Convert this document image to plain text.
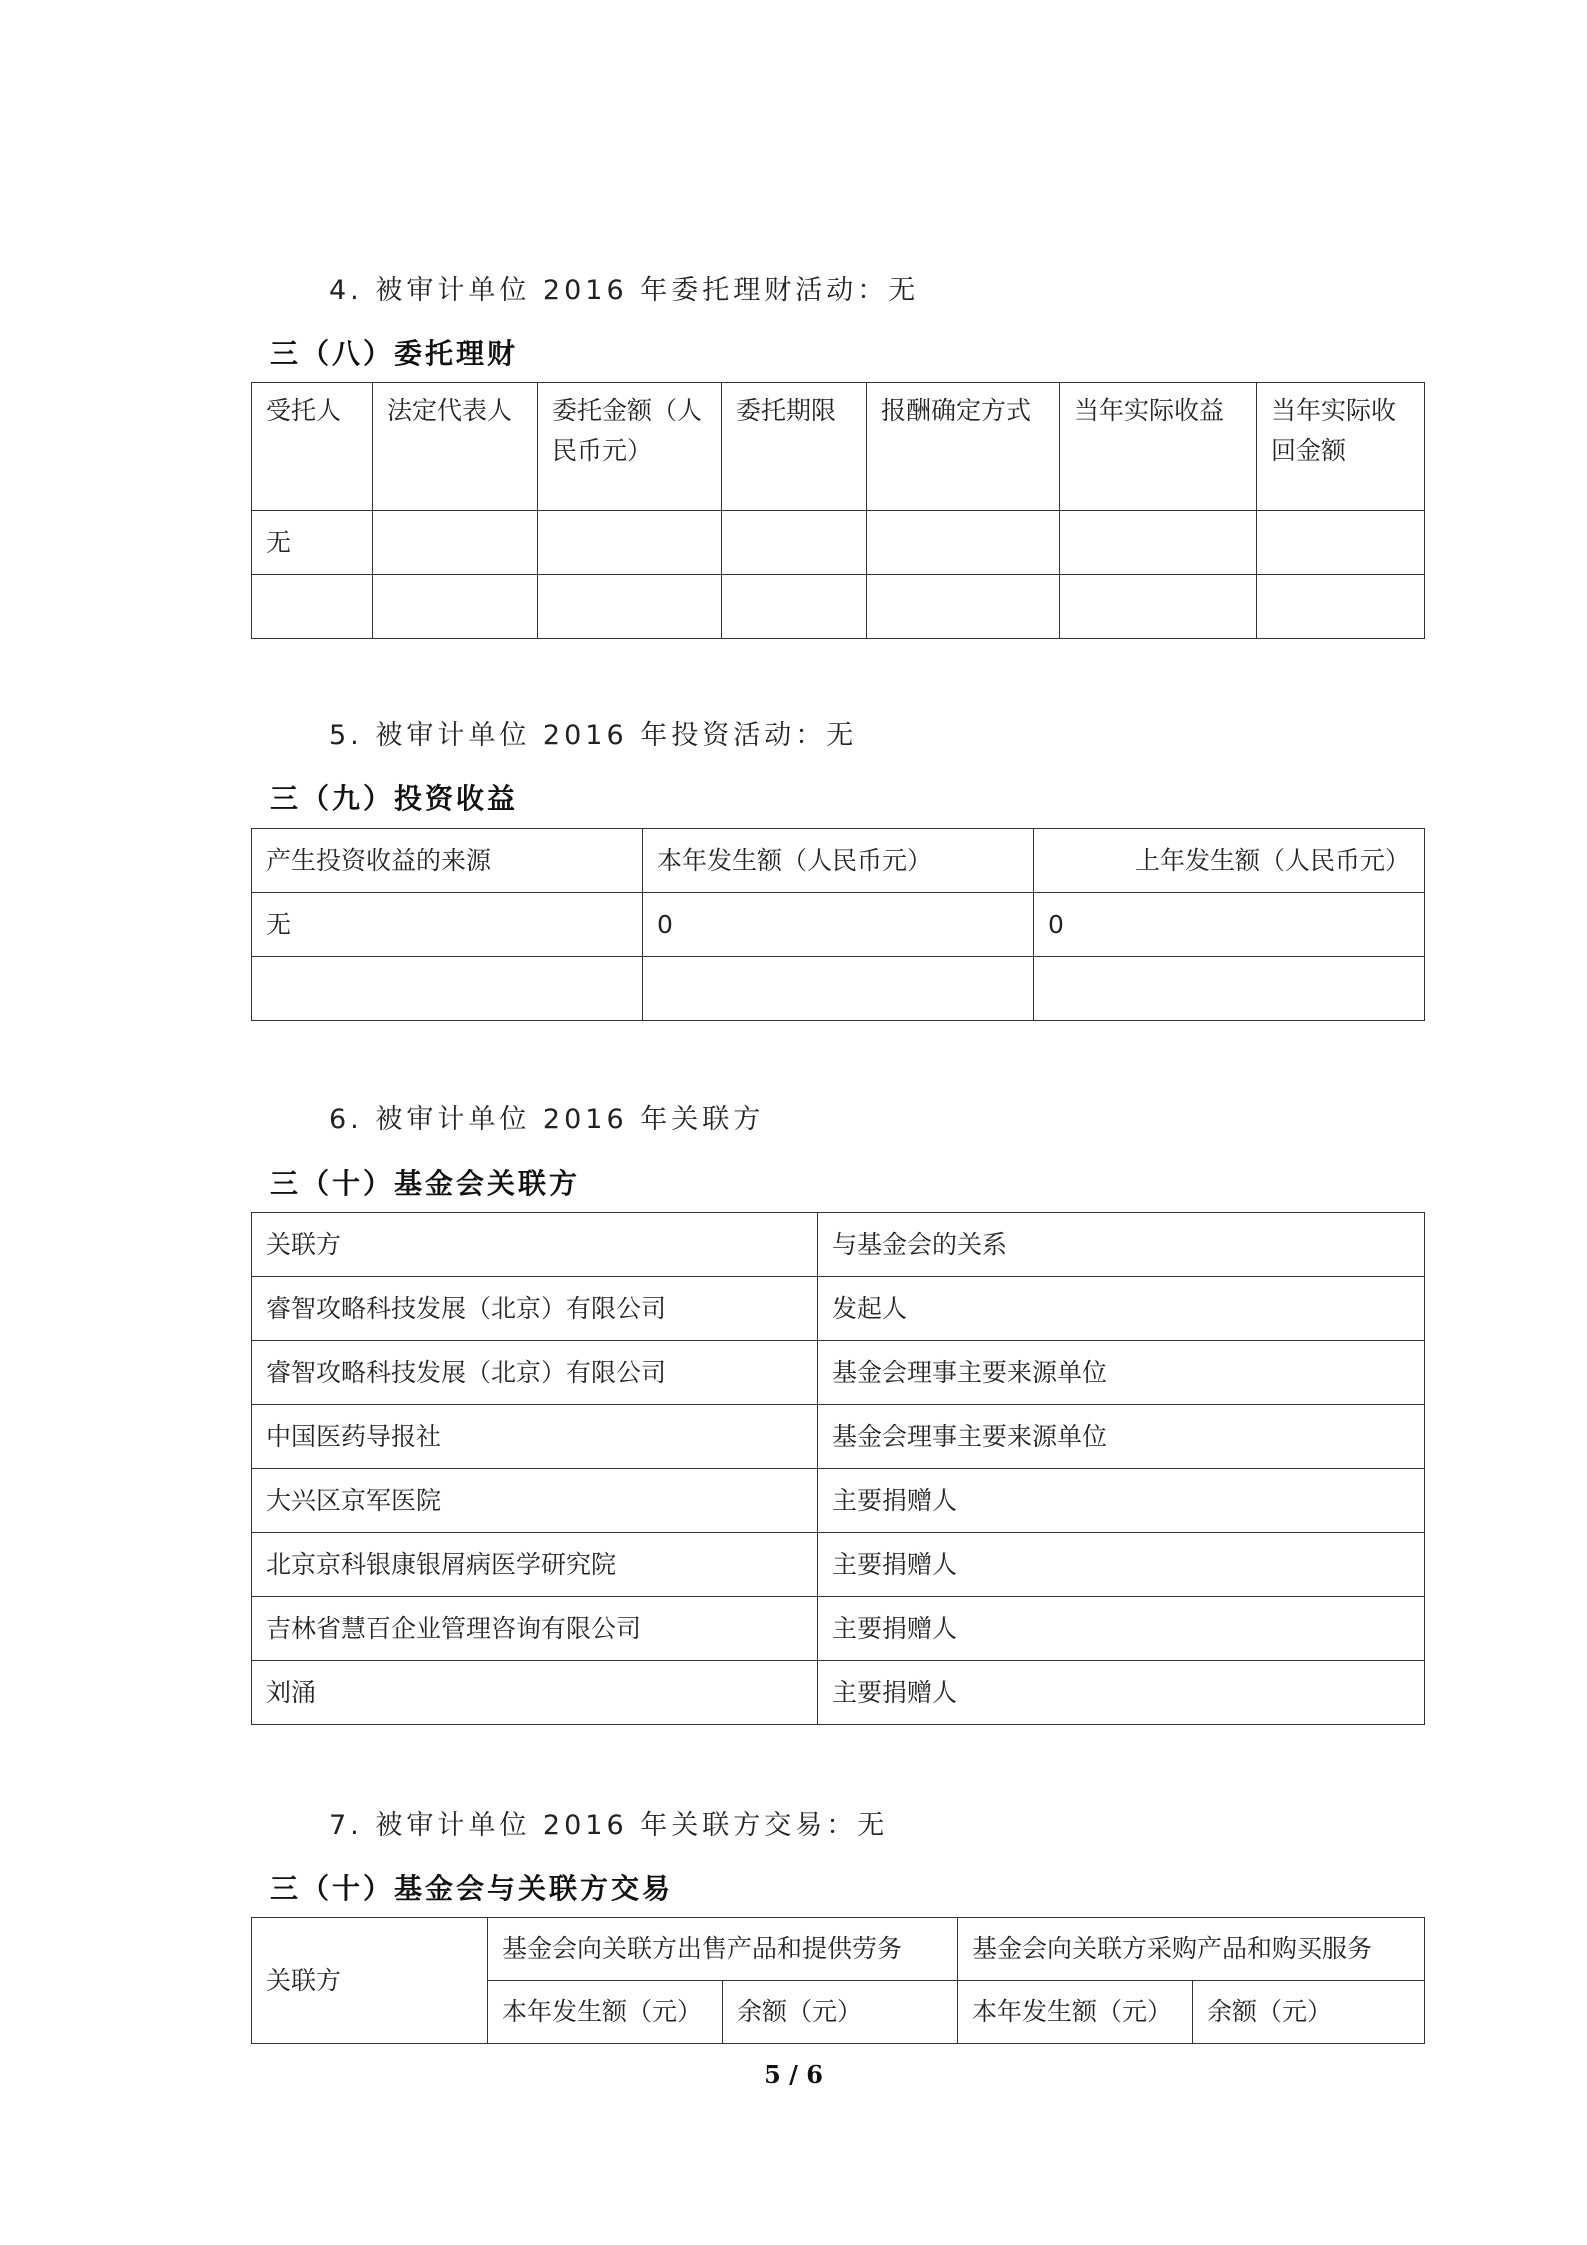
4. 被审计单位 2016 年委托理财活动：无
三（八）委托理财
受托人	法定代表人	委托金额（人民币元）	委托期限	报酬确定方式	当年实际收益	当年实际收回金额
无						

5. 被审计单位 2016 年投资活动：无
三（九）投资收益
产生投资收益的来源	本年发生额（人民币元）	上年发生额（人民币元）
无	0	0

6. 被审计单位 2016 年关联方
三（十）基金会关联方
关联方	与基金会的关系
睿智攻略科技发展（北京）有限公司	发起人
睿智攻略科技发展（北京）有限公司	基金会理事主要来源单位
中国医药导报社	基金会理事主要来源单位
大兴区京军医院	主要捐赠人
北京京科银康银屑病医学研究院	主要捐赠人
吉林省慧百企业管理咨询有限公司	主要捐赠人
刘涌	主要捐赠人
7. 被审计单位 2016 年关联方交易：无
三（十）基金会与关联方交易
关联方	基金会向关联方出售产品和提供劳务		基金会向关联方采购产品和购买服务	
	本年发生额（元）	余额（元）	本年发生额（元）	余额（元）
5 / 6
